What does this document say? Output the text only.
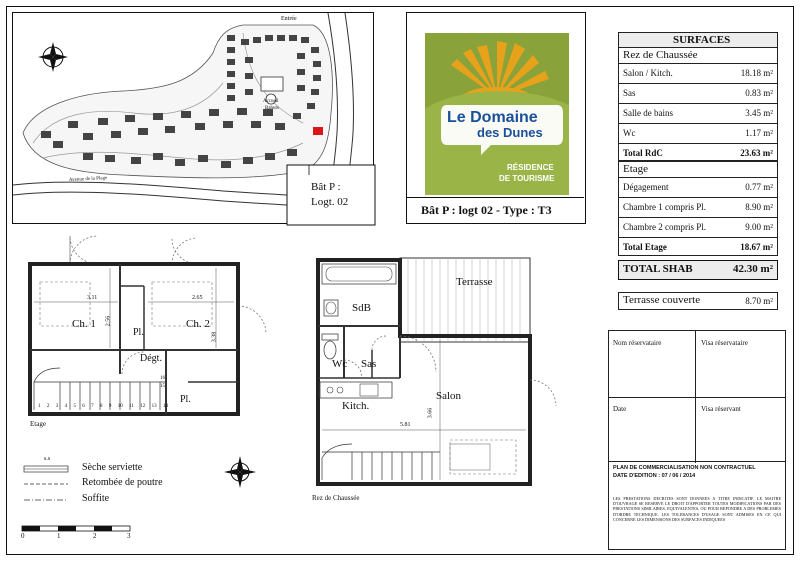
Entrée
Accueil
Bahuts
Avenue de la Plage
Bât P :
Logt. 02
Le Domaine
des Dunes
RÉSIDENCE
DE TOURISME
Bât P : logt 02 - Type : T3
SURFACES
Rez de Chaussée
Salon / Kitch.	18.18 m²
Sas	0.83 m²
Salle de bains	3.45 m²
Wc	1.17 m²
Total RdC	23.63 m²
Etage
Dégagement	0.77 m²
Chambre 1 compris Pl.	8.90 m²
Chambre 2 compris Pl.	9.00 m²
Total Etage	18.67 m²
TOTAL SHAB	42.30 m²
Terrasse couverte	8.70 m²
3.11	2.65
2.56
3.38
Ch. 1	Ch. 2
Pl.
Dégt.
Pl.
1 2 3 4 5 6 7 8 9 10 11 12 13 14
15
16
Etage
Terrasse
SdB
Wc Sas
Salon
Kitch.
5.81
3.66
Rez de Chaussée
s.s
Sèche serviette
Retombée de poutre
Soffite
0	1	2	3
Nom réservataire	Visa réservataire
Date	Visa réservant
PLAN DE COMMERCIALISATION NON CONTRACTUEL
DATE D'EDITION : 07 / 06 / 2014
LES PRESTATIONS DECRITES SONT DONNEES A TITRE INDICATIF. LE MAITRE D'OUVRAGE SE RESERVE LE DROIT D'APPORTER TOUTES MODIFICATIONS PAR DES PRESTATIONS SIMILAIRES, EQUIVALENTES, OU POUR REPONDRE A DES PROBLEMES D'ORDRE TECHNIQUE. LES TOLERANCES D'USAGE SONT ADMISES EN CE QUI CONCERNE LES DIMENSIONS DES SURFACES INDIQUEES
